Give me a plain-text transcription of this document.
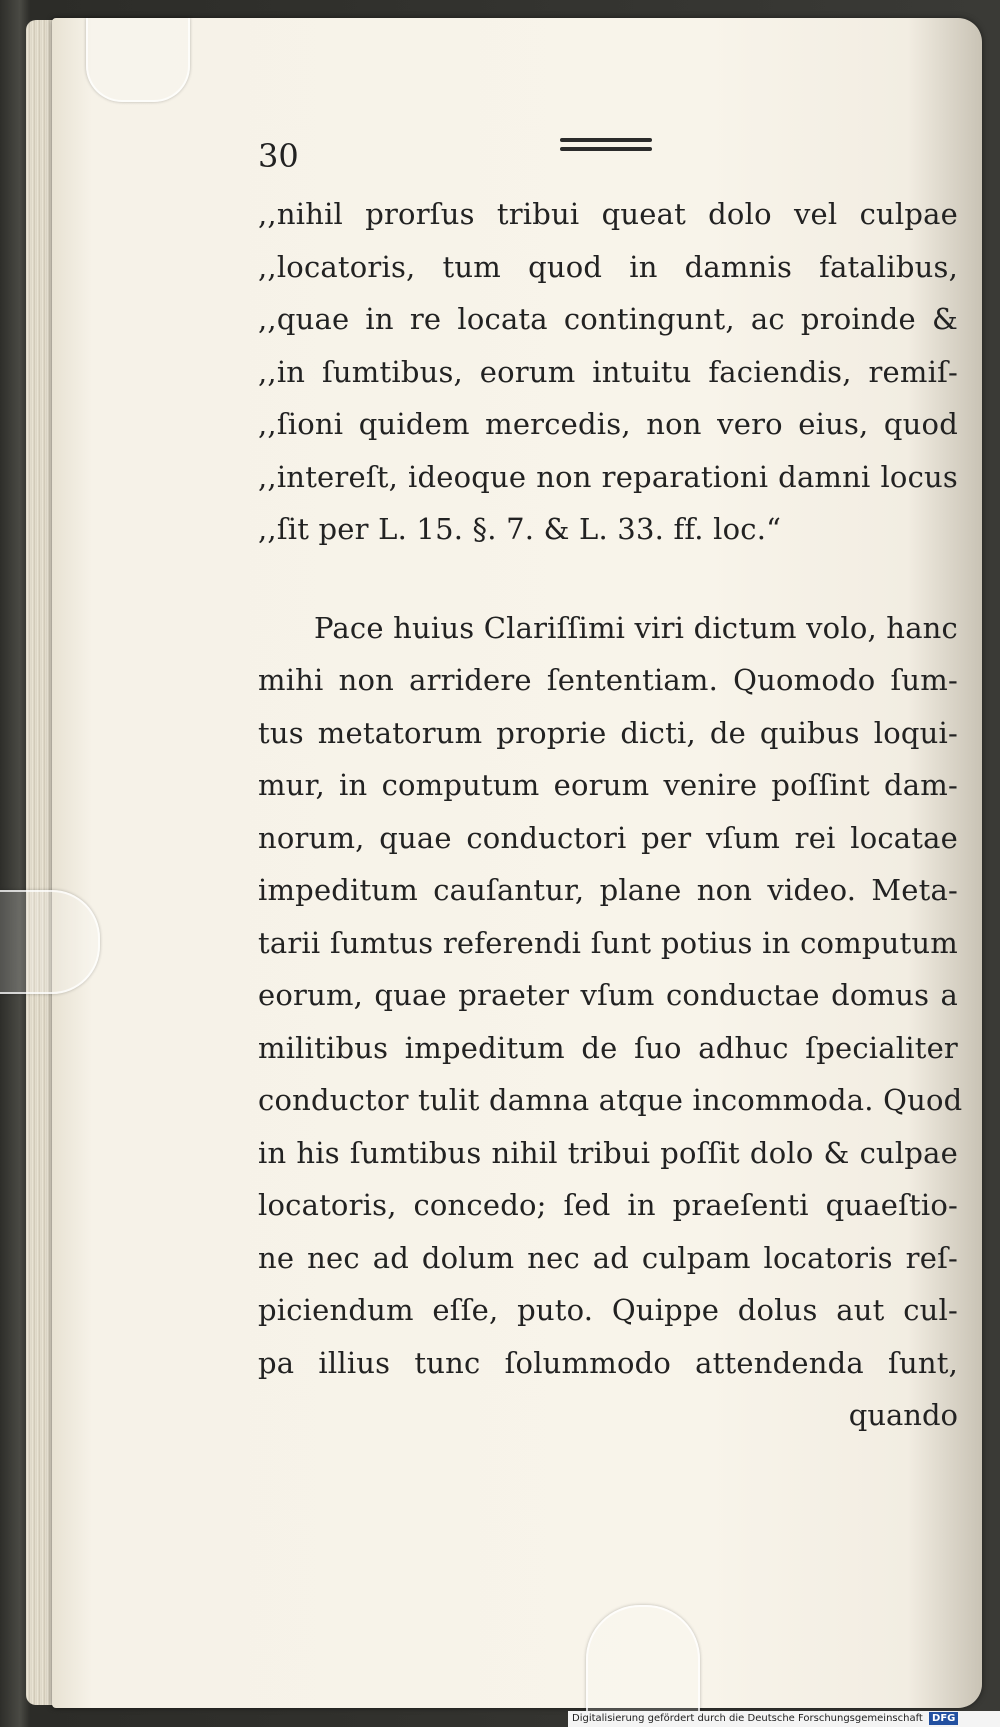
30
,,nihil prorſus tribui queat dolo vel culpae
,,locatoris, tum quod in damnis fatalibus,
,,quae in re locata contingunt, ac proinde &
,,in ſumtibus, eorum intuitu faciendis, remiſ-
,,ſioni quidem mercedis, non vero eius, quod
,,intereſt, ideoque non reparationi damni locus
,,ſit per L. 15. §. 7. & L. 33. ff. loc.“
Pace huius Clariſſimi viri dictum volo, hanc
mihi non arridere ſententiam. Quomodo ſum-
tus metatorum proprie dicti, de quibus loqui-
mur, in computum eorum venire poſſint dam-
norum, quae conductori per vſum rei locatae
impeditum cauſantur, plane non video. Meta-
tarii ſumtus referendi ſunt potius in computum
eorum, quae praeter vſum conductae domus a
militibus impeditum de ſuo adhuc ſpecialiter
conductor tulit damna atque incommoda. Quod
in his ſumtibus nihil tribui poſſit dolo & culpae
locatoris, concedo; ſed in praeſenti quaeſtio-
ne nec ad dolum nec ad culpam locatoris reſ-
piciendum eſſe, puto. Quippe dolus aut cul-
pa illius tunc ſolummodo attendenda ſunt,
quando
Digitalisierung gefördert durch die Deutsche Forschungsgemeinschaft DFG
